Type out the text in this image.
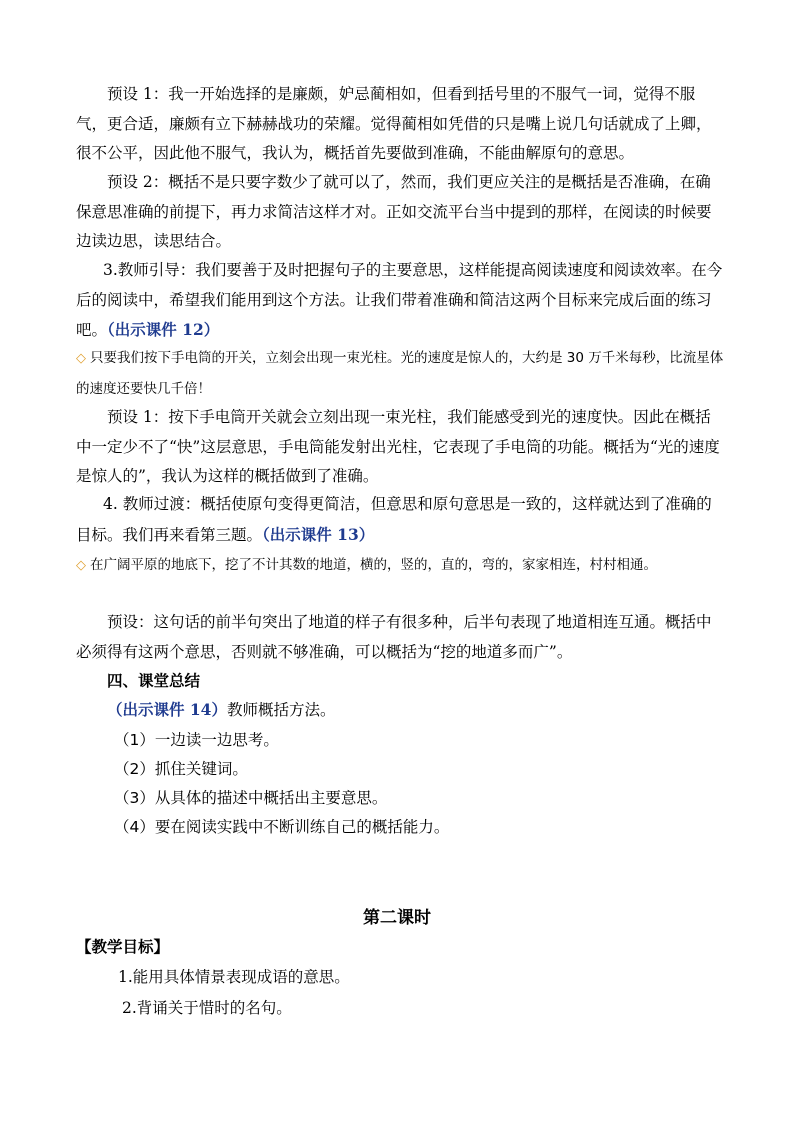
预设 1：我一开始选择的是廉颇，妒忌蔺相如，但看到括号里的不服气一词，觉得不服气，更合适，廉颇有立下赫赫战功的荣耀。觉得蔺相如凭借的只是嘴上说几句话就成了上卿，很不公平，因此他不服气，我认为，概括首先要做到准确，不能曲解原句的意思。

预设 2：概括不是只要字数少了就可以了，然而，我们更应关注的是概括是否准确，在确保意思准确的前提下，再力求简洁这样才对。正如交流平台当中提到的那样，在阅读的时候要边读边思，读思结合。

3.教师引导：我们要善于及时把握句子的主要意思，这样能提高阅读速度和阅读效率。在今后的阅读中，希望我们能用到这个方法。让我们带着准确和简洁这两个目标来完成后面的练习吧。（出示课件 12）

◇ 只要我们按下手电筒的开关，立刻会出现一束光柱。光的速度是惊人的，大约是 30 万千米每秒，比流星体的速度还要快几千倍！

预设 1：按下手电筒开关就会立刻出现一束光柱，我们能感受到光的速度快。因此在概括中一定少不了“快”这层意思，手电筒能发射出光柱，它表现了手电筒的功能。概括为“光的速度是惊人的”，我认为这样的概括做到了准确。

4. 教师过渡：概括使原句变得更简洁，但意思和原句意思是一致的，这样就达到了准确的目标。我们再来看第三题。（出示课件 13）

◇ 在广阔平原的地底下，挖了不计其数的地道，横的，竖的，直的，弯的，家家相连，村村相通。

预设：这句话的前半句突出了地道的样子有很多种，后半句表现了地道相连互通。概括中必须得有这两个意思，否则就不够准确，可以概括为“挖的地道多而广”。

四、课堂总结
（出示课件 14）教师概括方法。
（1）一边读一边思考。
（2）抓住关键词。
（3）从具体的描述中概括出主要意思。
（4）要在阅读实践中不断训练自己的概括能力。
第二课时
【教学目标】
1.能用具体情景表现成语的意思。
2.背诵关于惜时的名句。
